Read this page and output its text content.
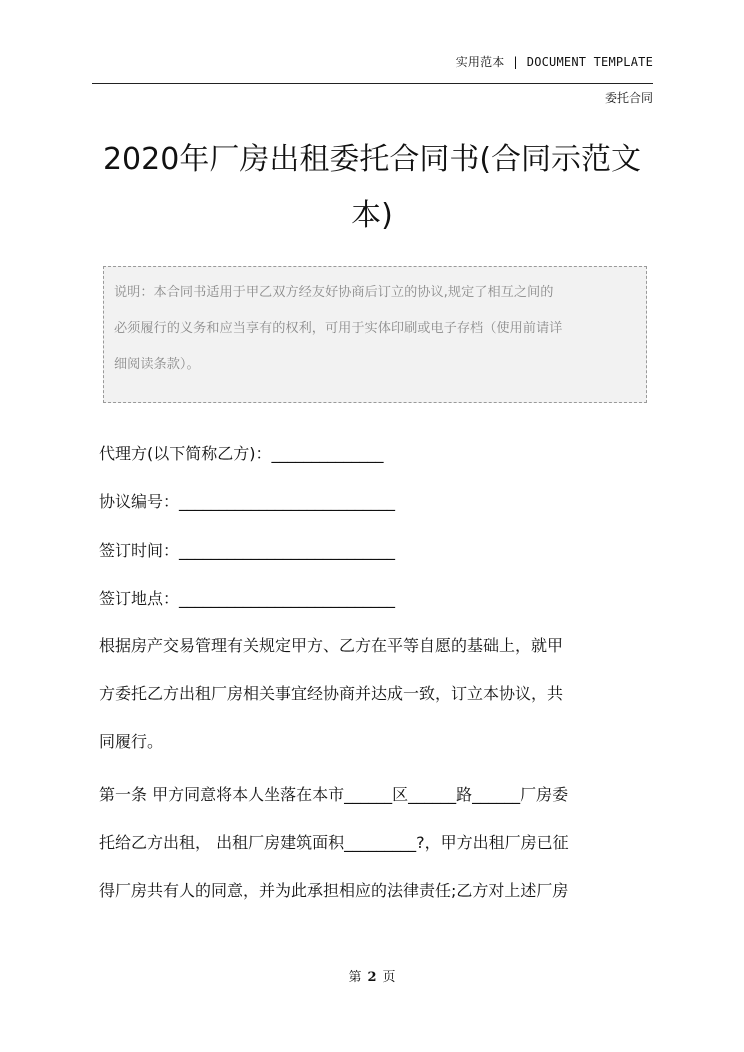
实用范本 | DOCUMENT TEMPLATE
委托合同
2020年厂房出租委托合同书(合同示范文
本)
说明：本合同书适用于甲乙双方经友好协商后订立的协议,规定了相互之间的
必须履行的义务和应当享有的权利，可用于实体印刷或电子存档（使用前请详
细阅读条款）。
代理方(以下简称乙方)：______________
协议编号：___________________________
签订时间：___________________________
签订地点：___________________________
根据房产交易管理有关规定甲方、乙方在平等自愿的基础上，就甲
方委托乙方出租厂房相关事宜经协商并达成一致，订立本协议，共
同履行。
第一条 甲方同意将本人坐落在本市______区______路______厂房委
托给乙方出租， 出租厂房建筑面积_________?，甲方出租厂房已征
得厂房共有人的同意，并为此承担相应的法律责任;乙方对上述厂房
第 2 页
